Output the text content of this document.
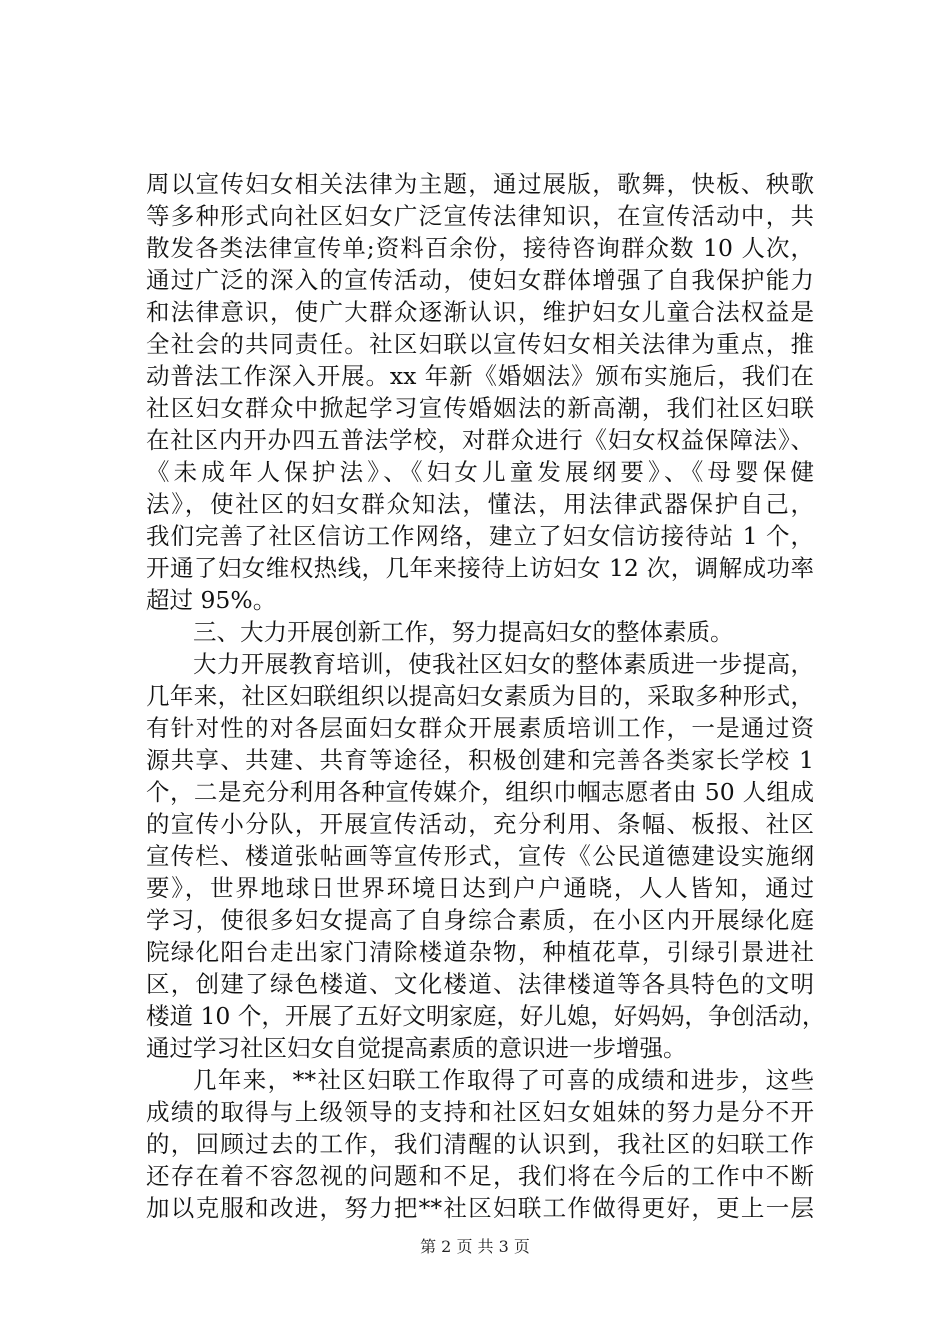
周以宣传妇女相关法律为主题，通过展版，歌舞，快板、秧歌
等多种形式向社区妇女广泛宣传法律知识，在宣传活动中，共
散发各类法律宣传单;资料百余份，接待咨询群众数 10 人次，
通过广泛的深入的宣传活动，使妇女群体增强了自我保护能力
和法律意识，使广大群众逐渐认识，维护妇女儿童合法权益是
全社会的共同责任。社区妇联以宣传妇女相关法律为重点，推
动普法工作深入开展。xx 年新《婚姻法》颁布实施后，我们在
社区妇女群众中掀起学习宣传婚姻法的新高潮，我们社区妇联
在社区内开办四五普法学校，对群众进行《妇女权益保障法》、
《未成年人保护法》、《妇女儿童发展纲要》、《母婴保健
法》，使社区的妇女群众知法，懂法，用法律武器保护自己，
我们完善了社区信访工作网络，建立了妇女信访接待站 1 个，
开通了妇女维权热线，几年来接待上访妇女 12 次，调解成功率
超过 95%。
三、大力开展创新工作，努力提高妇女的整体素质。
大力开展教育培训，使我社区妇女的整体素质进一步提高，
几年来，社区妇联组织以提高妇女素质为目的，采取多种形式，
有针对性的对各层面妇女群众开展素质培训工作，一是通过资
源共享、共建、共育等途径，积极创建和完善各类家长学校 1
个，二是充分利用各种宣传媒介，组织巾帼志愿者由 50 人组成
的宣传小分队，开展宣传活动，充分利用、条幅、板报、社区
宣传栏、楼道张帖画等宣传形式，宣传《公民道德建设实施纲
要》，世界地球日世界环境日达到户户通晓，人人皆知，通过
学习，使很多妇女提高了自身综合素质，在小区内开展绿化庭
院绿化阳台走出家门清除楼道杂物，种植花草，引绿引景进社
区，创建了绿色楼道、文化楼道、法律楼道等各具特色的文明
楼道 10 个，开展了五好文明家庭，好儿媳，好妈妈，争创活动，
通过学习社区妇女自觉提高素质的意识进一步增强。
几年来，**社区妇联工作取得了可喜的成绩和进步，这些
成绩的取得与上级领导的支持和社区妇女姐妹的努力是分不开
的，回顾过去的工作，我们清醒的认识到，我社区的妇联工作
还存在着不容忽视的问题和不足，我们将在今后的工作中不断
加以克服和改进，努力把**社区妇联工作做得更好，更上一层
第 2 页 共 3 页
